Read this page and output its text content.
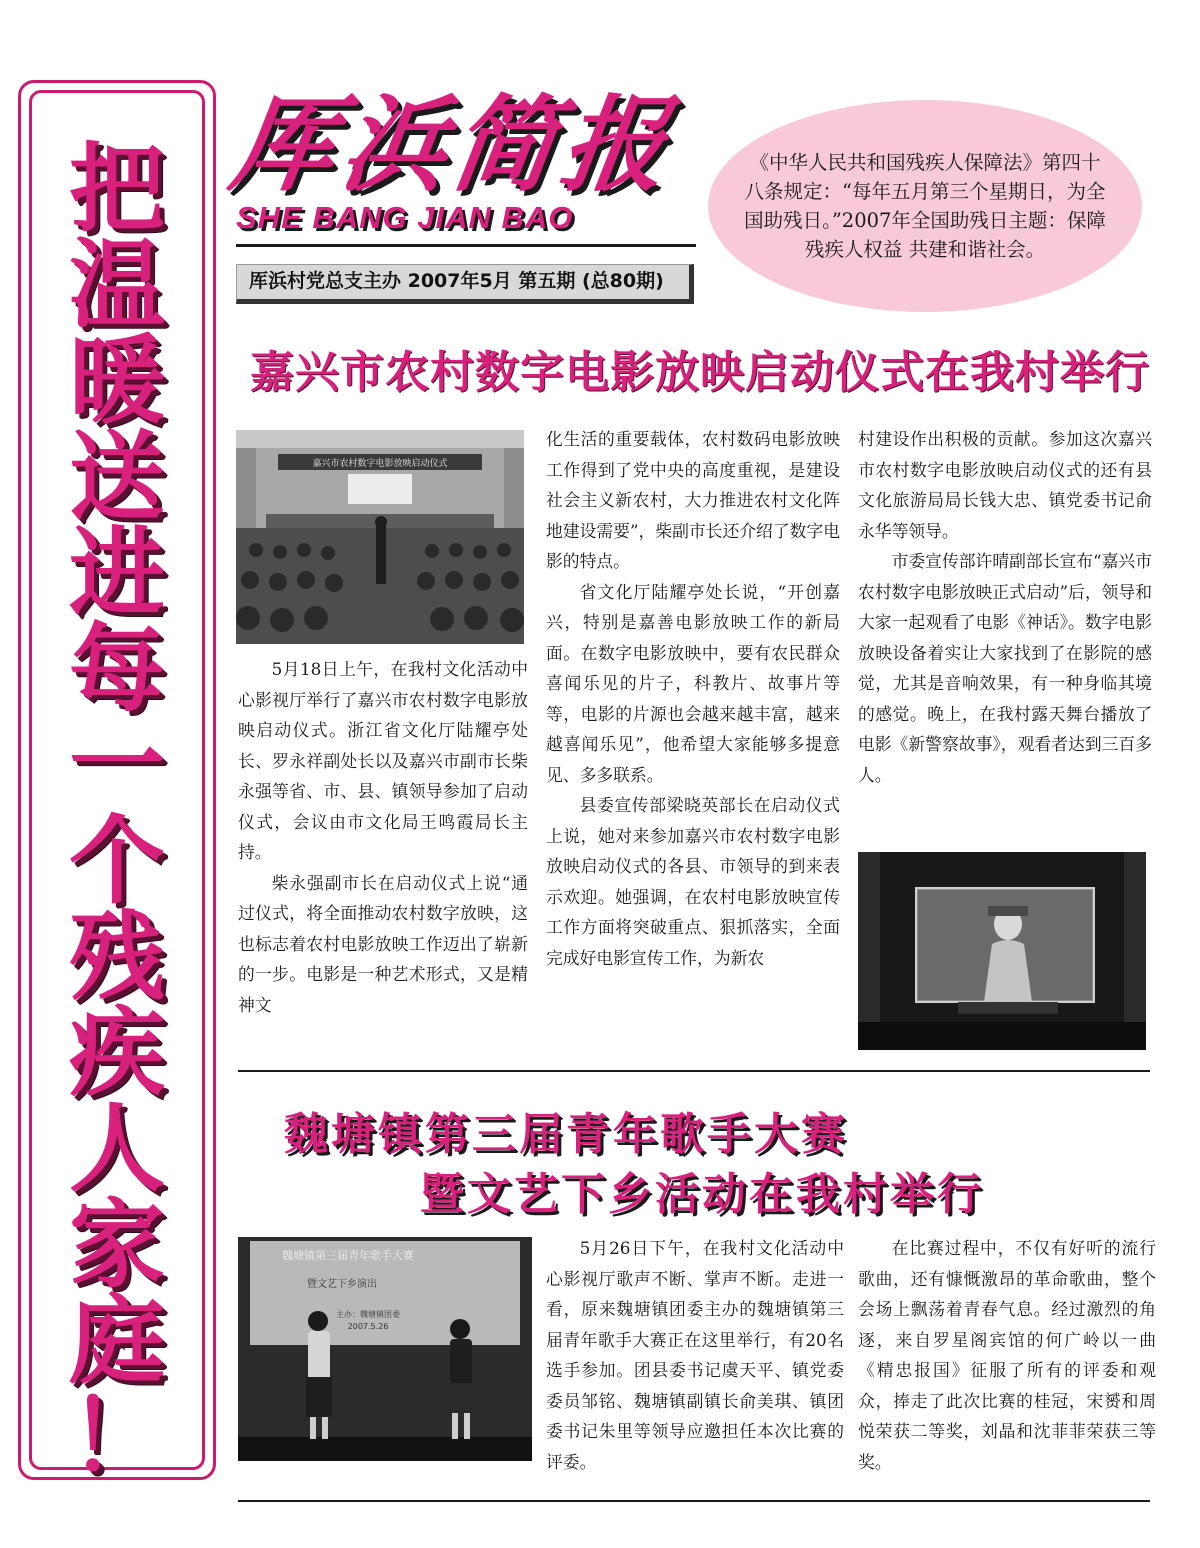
把
温
暖
送
进
每
一
个
残
疾
人
家
庭
！
厍浜简报
SHE BANG JIAN BAO
厍浜村党总支主办 2007年5月 第五期 (总80期)

《中华人民共和国残疾人保障法》第四十八条规定：“每年五月第三个星期日，为全国助残日。”2007年全国助残日主题：保障残疾人权益 共建和谐社会。

嘉兴市农村数字电影放映启动仪式在我村举行
嘉兴市农村数字电影放映启动仪式

5月18日上午，在我村文化活动中心影视厅举行了嘉兴市农村数字电影放映启动仪式。浙江省文化厅陆耀亭处长、罗永祥副处长以及嘉兴市副市长柴永强等省、市、县、镇领导参加了启动仪式，会议由市文化局王鸣霞局长主持。

柴永强副市长在启动仪式上说“通过仪式，将全面推动农村数字放映，这也标志着农村电影放映工作迈出了崭新的一步。电影是一种艺术形式，又是精神文

化生活的重要载体，农村数码电影放映工作得到了党中央的高度重视，是建设社会主义新农村，大力推进农村文化阵地建设需要”，柴副市长还介绍了数字电影的特点。

省文化厅陆耀亭处长说，“开创嘉兴，特别是嘉善电影放映工作的新局面。在数字电影放映中，要有农民群众喜闻乐见的片子，科教片、故事片等等，电影的片源也会越来越丰富，越来越喜闻乐见”，他希望大家能够多提意见、多多联系。

县委宣传部梁晓英部长在启动仪式上说，她对来参加嘉兴市农村数字电影放映启动仪式的各县、市领导的到来表示欢迎。她强调，在农村电影放映宣传工作方面将突破重点、狠抓落实，全面完成好电影宣传工作，为新农

村建设作出积极的贡献。参加这次嘉兴市农村数字电影放映启动仪式的还有县文化旅游局局长钱大忠、镇党委书记俞永华等领导。

市委宣传部许晴副部长宣布“嘉兴市农村数字电影放映正式启动”后，领导和大家一起观看了电影《神话》。数字电影放映设备着实让大家找到了在影院的感觉，尤其是音响效果，有一种身临其境的感觉。晚上，在我村露天舞台播放了电影《新警察故事》，观看者达到三百多人。

魏塘镇第三届青年歌手大赛
暨文艺下乡活动在我村举行
魏塘镇第三届青年歌手大赛
暨文艺下乡演出
主办：魏塘镇团委
2007.5.26

5月26日下午，在我村文化活动中心影视厅歌声不断、掌声不断。走进一看，原来魏塘镇团委主办的魏塘镇第三届青年歌手大赛正在这里举行，有20名选手参加。团县委书记虞天平、镇党委委员邹铭、魏塘镇副镇长俞美琪、镇团委书记朱里等领导应邀担任本次比赛的评委。

在比赛过程中，不仅有好听的流行歌曲，还有慷慨激昂的革命歌曲，整个会场上飘荡着青春气息。经过激烈的角逐，来自罗星阁宾馆的何广岭以一曲《精忠报国》征服了所有的评委和观众，捧走了此次比赛的桂冠，宋赟和周悦荣获二等奖，刘晶和沈菲菲荣获三等奖。
